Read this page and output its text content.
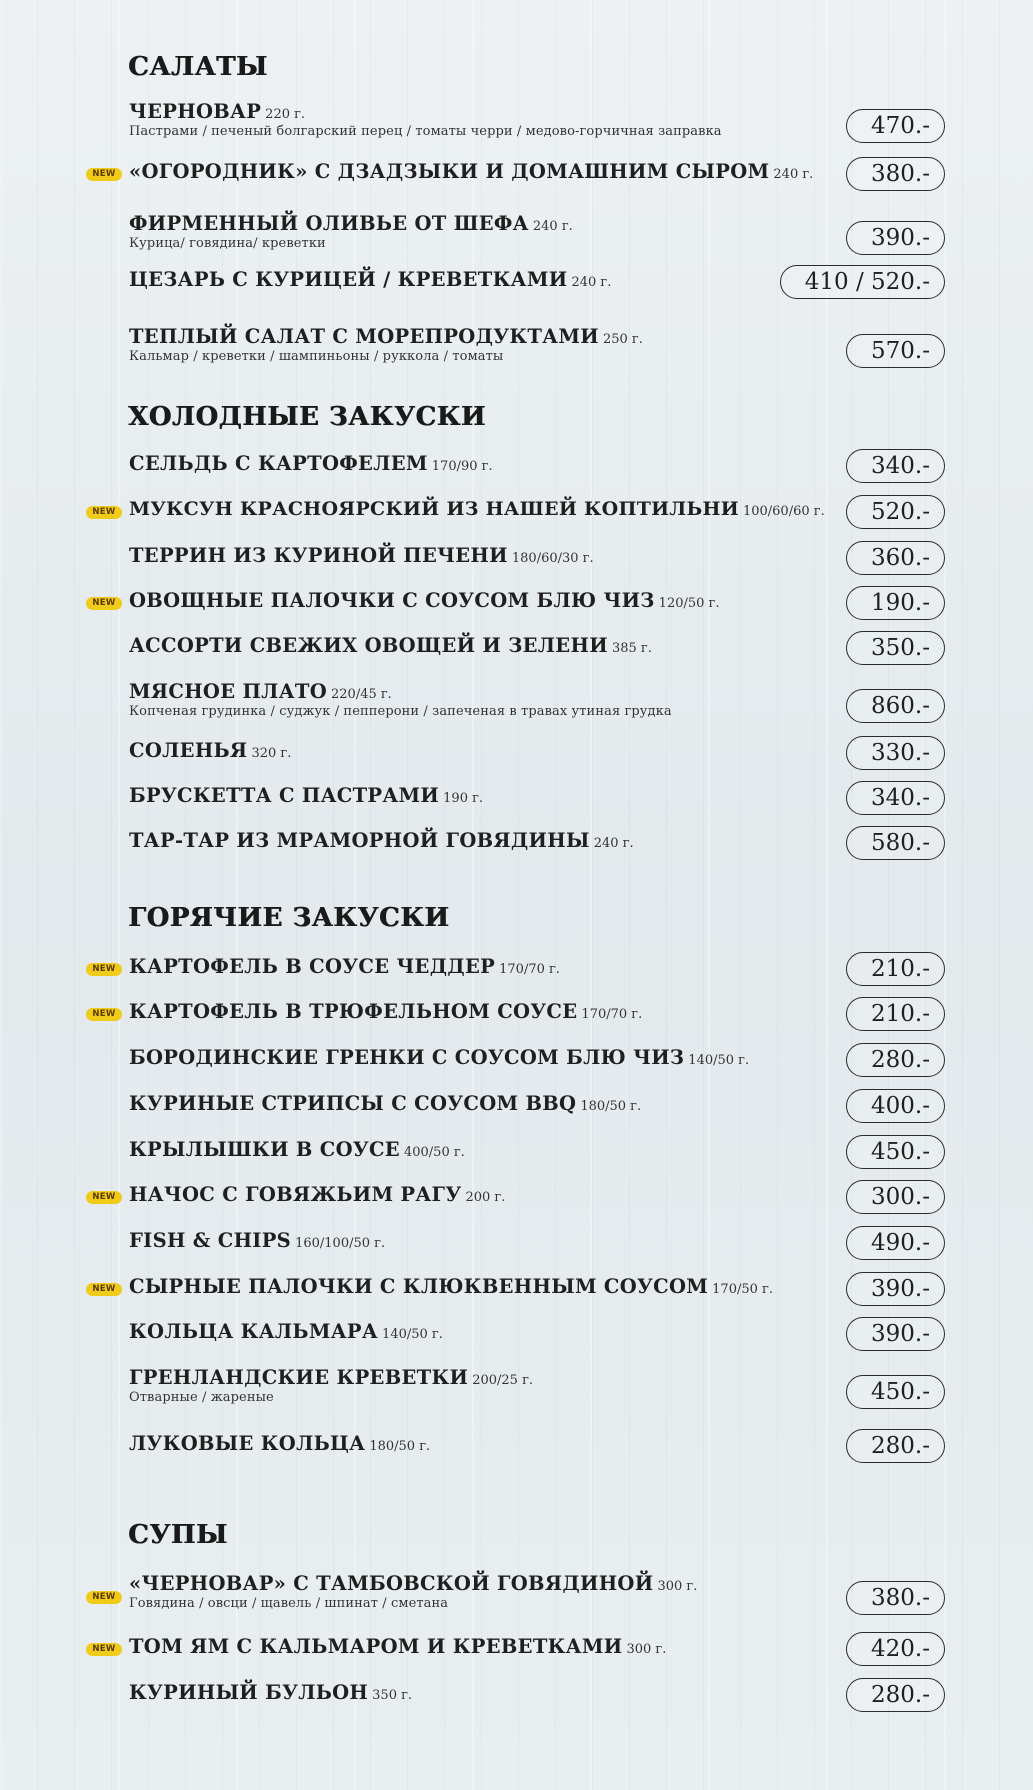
САЛАТЫ
ЧЕРНОВАР 220 г.
Пастрами / печеный болгарский перец / томаты черри / медово-горчичная заправка	470.-
NEW «ОГОРОДНИК» С ДЗАДЗЫКИ И ДОМАШНИМ СЫРОМ 240 г.	380.-
ФИРМЕННЫЙ ОЛИВЬЕ ОТ ШЕФА 240 г.
Курица/ говядина/ креветки	390.-
ЦЕЗАРЬ С КУРИЦЕЙ / КРЕВЕТКАМИ 240 г.	410 / 520.-
ТЕПЛЫЙ САЛАТ С МОРЕПРОДУКТАМИ 250 г.
Кальмар / креветки / шампиньоны / руккола / томаты	570.-
ХОЛОДНЫЕ ЗАКУСКИ
СЕЛЬДЬ С КАРТОФЕЛЕМ 170/90 г.	340.-
NEW МУКСУН КРАСНОЯРСКИЙ ИЗ НАШЕЙ КОПТИЛЬНИ 100/60/60 г.	520.-
ТЕРРИН ИЗ КУРИНОЙ ПЕЧЕНИ 180/60/30 г.	360.-
NEW ОВОЩНЫЕ ПАЛОЧКИ С СОУСОМ БЛЮ ЧИЗ 120/50 г.	190.-
АССОРТИ СВЕЖИХ ОВОЩЕЙ И ЗЕЛЕНИ 385 г.	350.-
МЯСНОЕ ПЛАТО 220/45 г.
Копченая грудинка / суджук / пепперони / запеченая в травах утиная грудка	860.-
СОЛЕНЬЯ 320 г.	330.-
БРУСКЕТТА С ПАСТРАМИ 190 г.	340.-
ТАР-ТАР ИЗ МРАМОРНОЙ ГОВЯДИНЫ 240 г.	580.-
ГОРЯЧИЕ ЗАКУСКИ
NEW КАРТОФЕЛЬ В СОУСЕ ЧЕДДЕР 170/70 г.	210.-
NEW КАРТОФЕЛЬ В ТРЮФЕЛЬНОМ СОУСЕ 170/70 г.	210.-
БОРОДИНСКИЕ ГРЕНКИ С СОУСОМ БЛЮ ЧИЗ 140/50 г.	280.-
КУРИНЫЕ СТРИПСЫ С СОУСОМ BBQ 180/50 г.	400.-
КРЫЛЫШКИ В СОУСЕ 400/50 г.	450.-
NEW НАЧОС С ГОВЯЖЬИМ РАГУ 200 г.	300.-
FISH & CHIPS 160/100/50 г.	490.-
NEW СЫРНЫЕ ПАЛОЧКИ С КЛЮКВЕННЫМ СОУСОМ 170/50 г.	390.-
КОЛЬЦА КАЛЬМАРА 140/50 г.	390.-
ГРЕНЛАНДСКИЕ КРЕВЕТКИ 200/25 г.
Отварные / жареные	450.-
ЛУКОВЫЕ КОЛЬЦА 180/50 г.	280.-
СУПЫ
NEW
«ЧЕРНОВАР» С ТАМБОВСКОЙ ГОВЯДИНОЙ 300 г.
Говядина / овсци / щавель / шпинат / сметана	380.-
NEW ТОМ ЯМ С КАЛЬМАРОМ И КРЕВЕТКАМИ 300 г.	420.-
КУРИНЫЙ БУЛЬОН 350 г.	280.-
